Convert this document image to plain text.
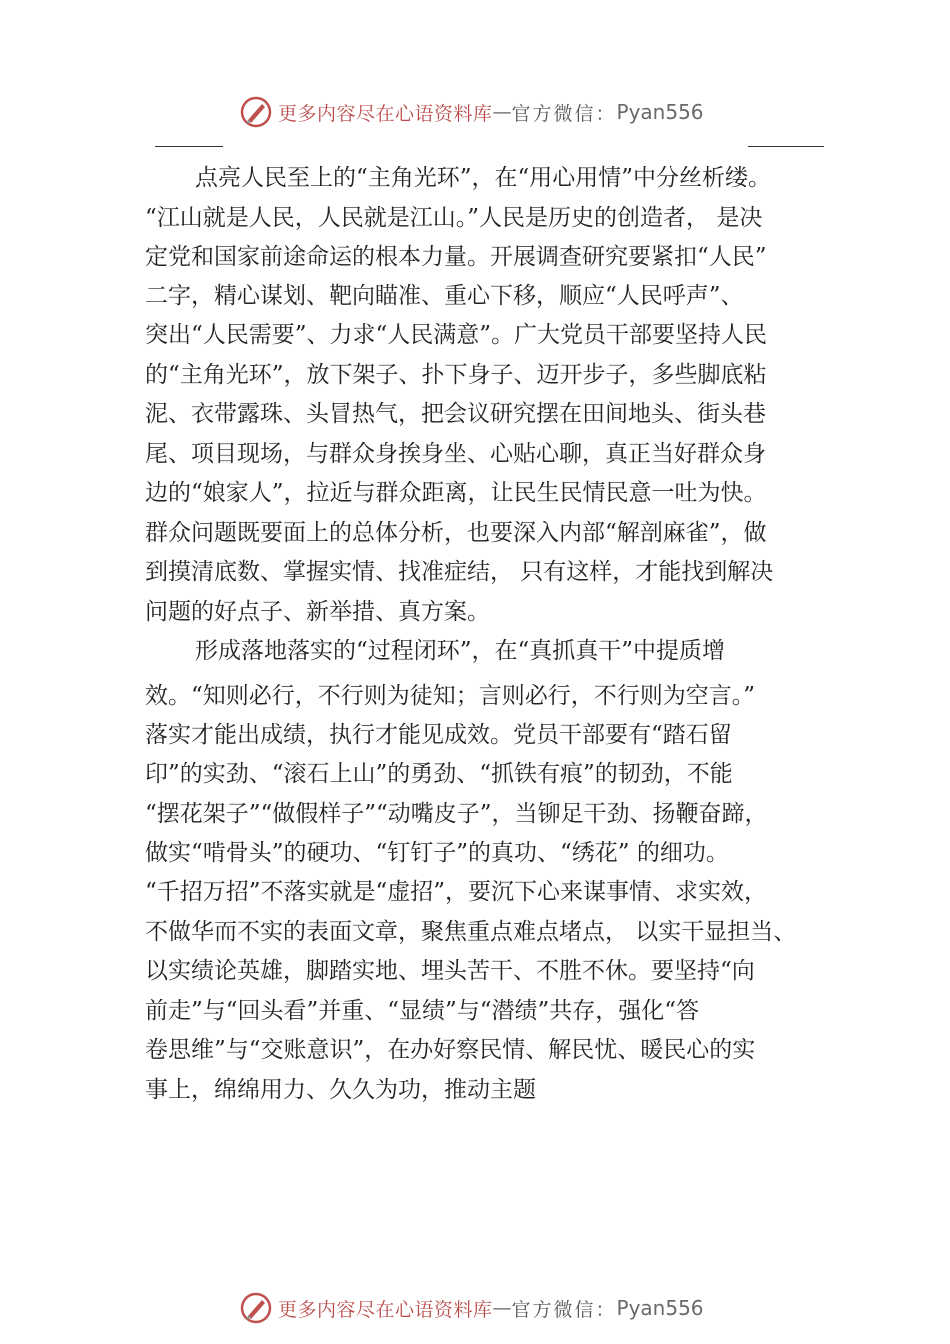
更多内容尽在心语资料库 — 官方微信： Pyan556
点亮人民至上的“主角光环”，在“用心用情”中分丝析缕。
“江山就是人民，人民就是江山。”人民是历史的创造者， 是决
定党和国家前途命运的根本力量。开展调查研究要紧扣“人民”
二字，精心谋划、靶向瞄准、重心下移，顺应“人民呼声”、
突出“人民需要”、力求“人民满意”。广大党员干部要坚持人民
的“主角光环”，放下架子、扑下身子、迈开步子，多些脚底粘
泥、衣带露珠、头冒热气，把会议研究摆在田间地头、街头巷
尾、项目现场，与群众身挨身坐、心贴心聊，真正当好群众身
边的“娘家人”，拉近与群众距离，让民生民情民意一吐为快。
群众问题既要面上的总体分析，也要深入内部“解剖麻雀”，做
到摸清底数、掌握实情、找准症结， 只有这样，才能找到解决
问题的好点子、新举措、真方案。
形成落地落实的“过程闭环”，在“真抓真干”中提质增
效。“知则必行，不行则为徒知；言则必行，不行则为空言。”
落实才能出成绩，执行才能见成效。党员干部要有“踏石留
印”的实劲、“滚石上山”的勇劲、“抓铁有痕”的韧劲，不能
“摆花架子”“做假样子”“动嘴皮子”，当铆足干劲、扬鞭奋蹄，
做实“啃骨头”的硬功、“钉钉子”的真功、“绣花” 的细功。
“千招万招”不落实就是“虚招”，要沉下心来谋事情、求实效，
不做华而不实的表面文章，聚焦重点难点堵点， 以实干显担当、
以实绩论英雄，脚踏实地、埋头苦干、不胜不休。要坚持“向
前走”与“回头看”并重、“显绩”与“潜绩”共存，强化“答
卷思维”与“交账意识”，在办好察民情、解民忧、暖民心的实
事上，绵绵用力、久久为功，推动主题
更多内容尽在心语资料库 — 官方微信： Pyan556
